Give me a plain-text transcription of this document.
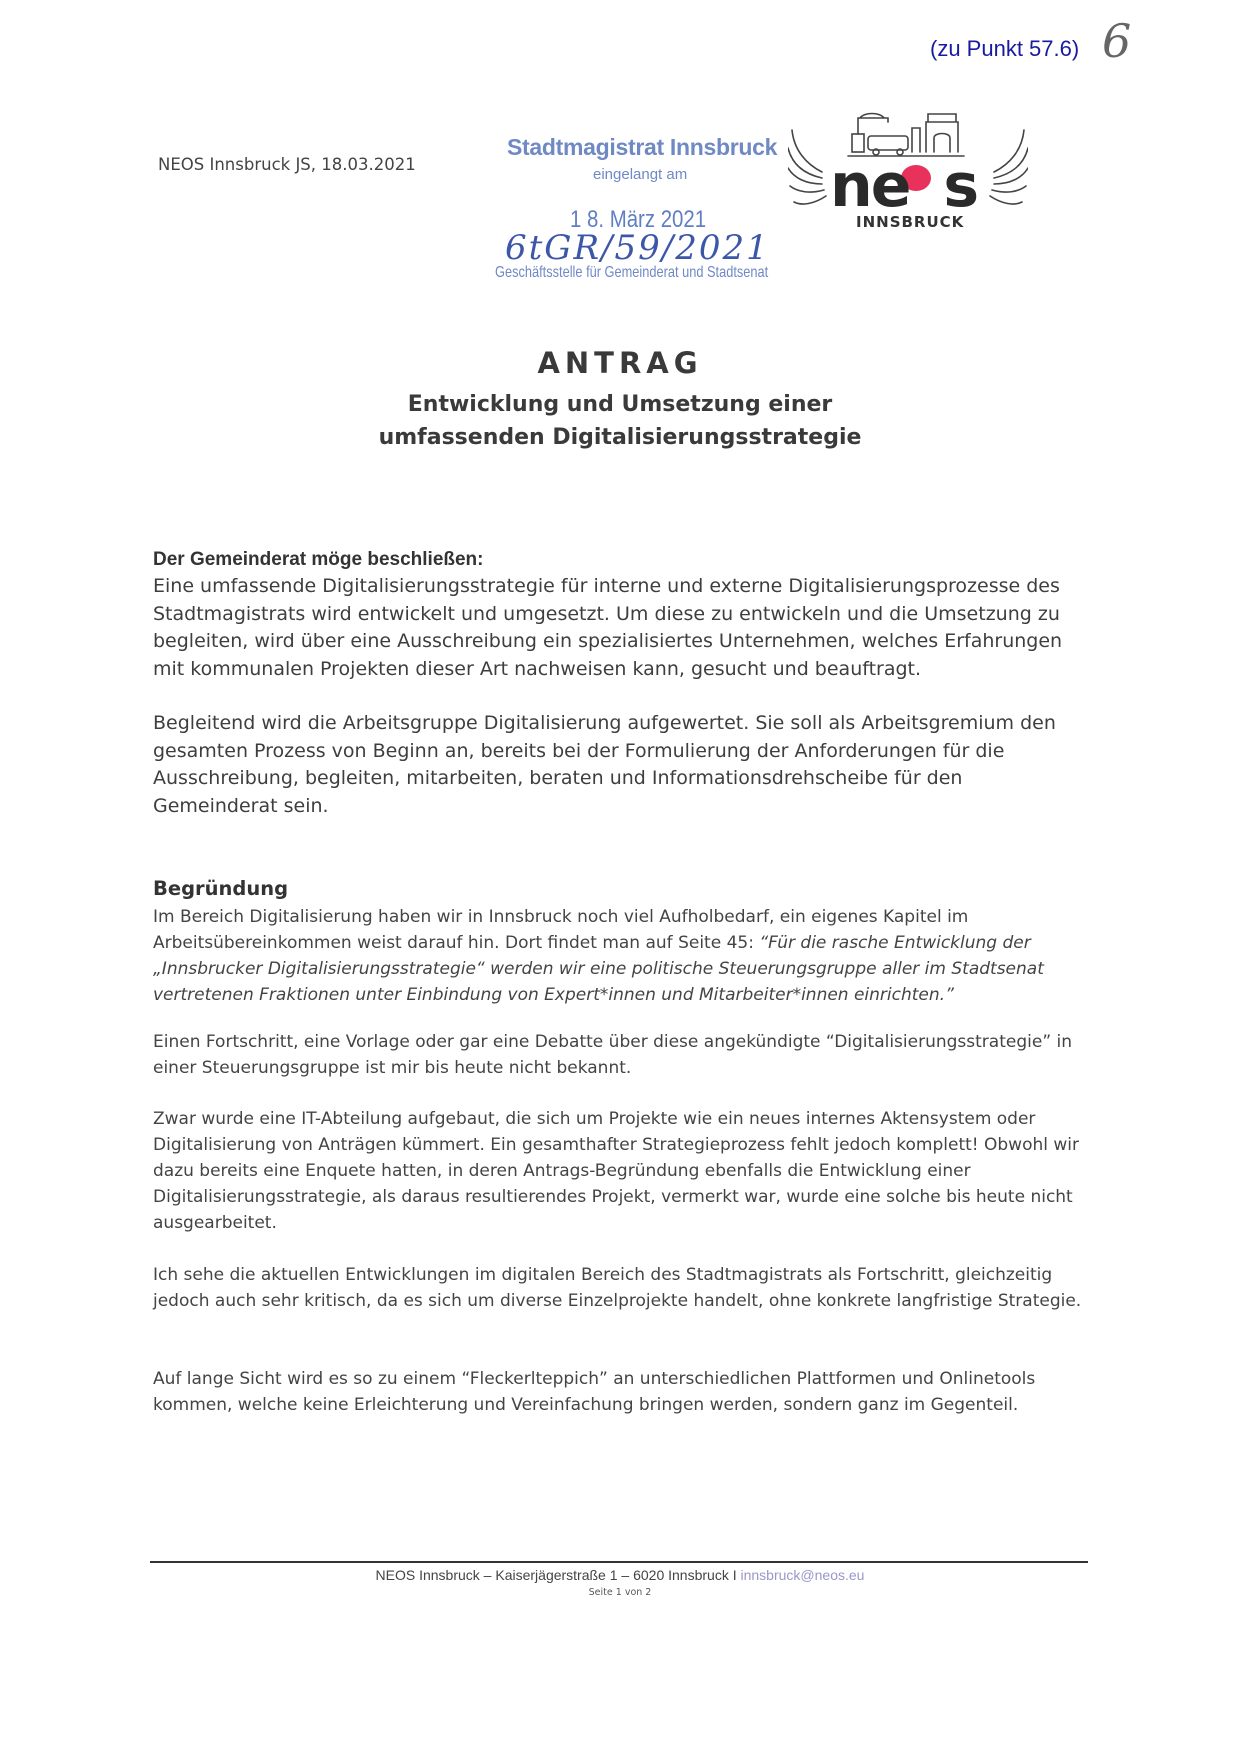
(zu Punkt 57.6) 6
NEOS Innsbruck JS, 18.03.2021
Stadtmagistrat Innsbruck
eingelangt am
1 8. März 2021
6tGR/59/2021
Geschäftsstelle für Gemeinderat und Stadtsenat
ne s
INNSBRUCK
ANTRAG
Entwicklung und Umsetzung einer
umfassenden Digitalisierungsstrategie
Der Gemeinderat möge beschließen:

Eine umfassende Digitalisierungsstrategie für interne und externe Digitalisierungsprozesse des Stadtmagistrats wird entwickelt und umgesetzt. Um diese zu entwickeln und die Umsetzung zu begleiten, wird über eine Ausschreibung ein spezialisiertes Unternehmen, welches Erfahrungen mit kommunalen Projekten dieser Art nachweisen kann, gesucht und beauftragt.

Begleitend wird die Arbeitsgruppe Digitalisierung aufgewertet. Sie soll als Arbeitsgremium den gesamten Prozess von Beginn an, bereits bei der Formulierung der Anforderungen für die Ausschreibung, begleiten, mitarbeiten, beraten und Informationsdrehscheibe für den Gemeinderat sein.

Begründung

Im Bereich Digitalisierung haben wir in Innsbruck noch viel Aufholbedarf, ein eigenes Kapitel im Arbeitsübereinkommen weist darauf hin. Dort findet man auf Seite 45: “Für die rasche Entwicklung der „Innsbrucker Digitalisierungsstrategie“ werden wir eine politische Steuerungsgruppe aller im Stadtsenat vertretenen Fraktionen unter Einbindung von Expert*innen und Mitarbeiter*innen einrichten.”

Einen Fortschritt, eine Vorlage oder gar eine Debatte über diese angekündigte “Digitalisierungsstrategie” in einer Steuerungsgruppe ist mir bis heute nicht bekannt.

Zwar wurde eine IT-Abteilung aufgebaut, die sich um Projekte wie ein neues internes Aktensystem oder Digitalisierung von Anträgen kümmert. Ein gesamthafter Strategieprozess fehlt jedoch komplett! Obwohl wir dazu bereits eine Enquete hatten, in deren Antrags-Begründung ebenfalls die Entwicklung einer Digitalisierungsstrategie, als daraus resultierendes Projekt, vermerkt war, wurde eine solche bis heute nicht ausgearbeitet.

Ich sehe die aktuellen Entwicklungen im digitalen Bereich des Stadtmagistrats als Fortschritt, gleichzeitig jedoch auch sehr kritisch, da es sich um diverse Einzelprojekte handelt, ohne konkrete langfristige Strategie.

Auf lange Sicht wird es so zu einem “Fleckerlteppich” an unterschiedlichen Plattformen und Onlinetools kommen, welche keine Erleichterung und Vereinfachung bringen werden, sondern ganz im Gegenteil.

NEOS Innsbruck – Kaiserjägerstraße 1 – 6020 Innsbruck I innsbruck@neos.eu
Seite 1 von 2
